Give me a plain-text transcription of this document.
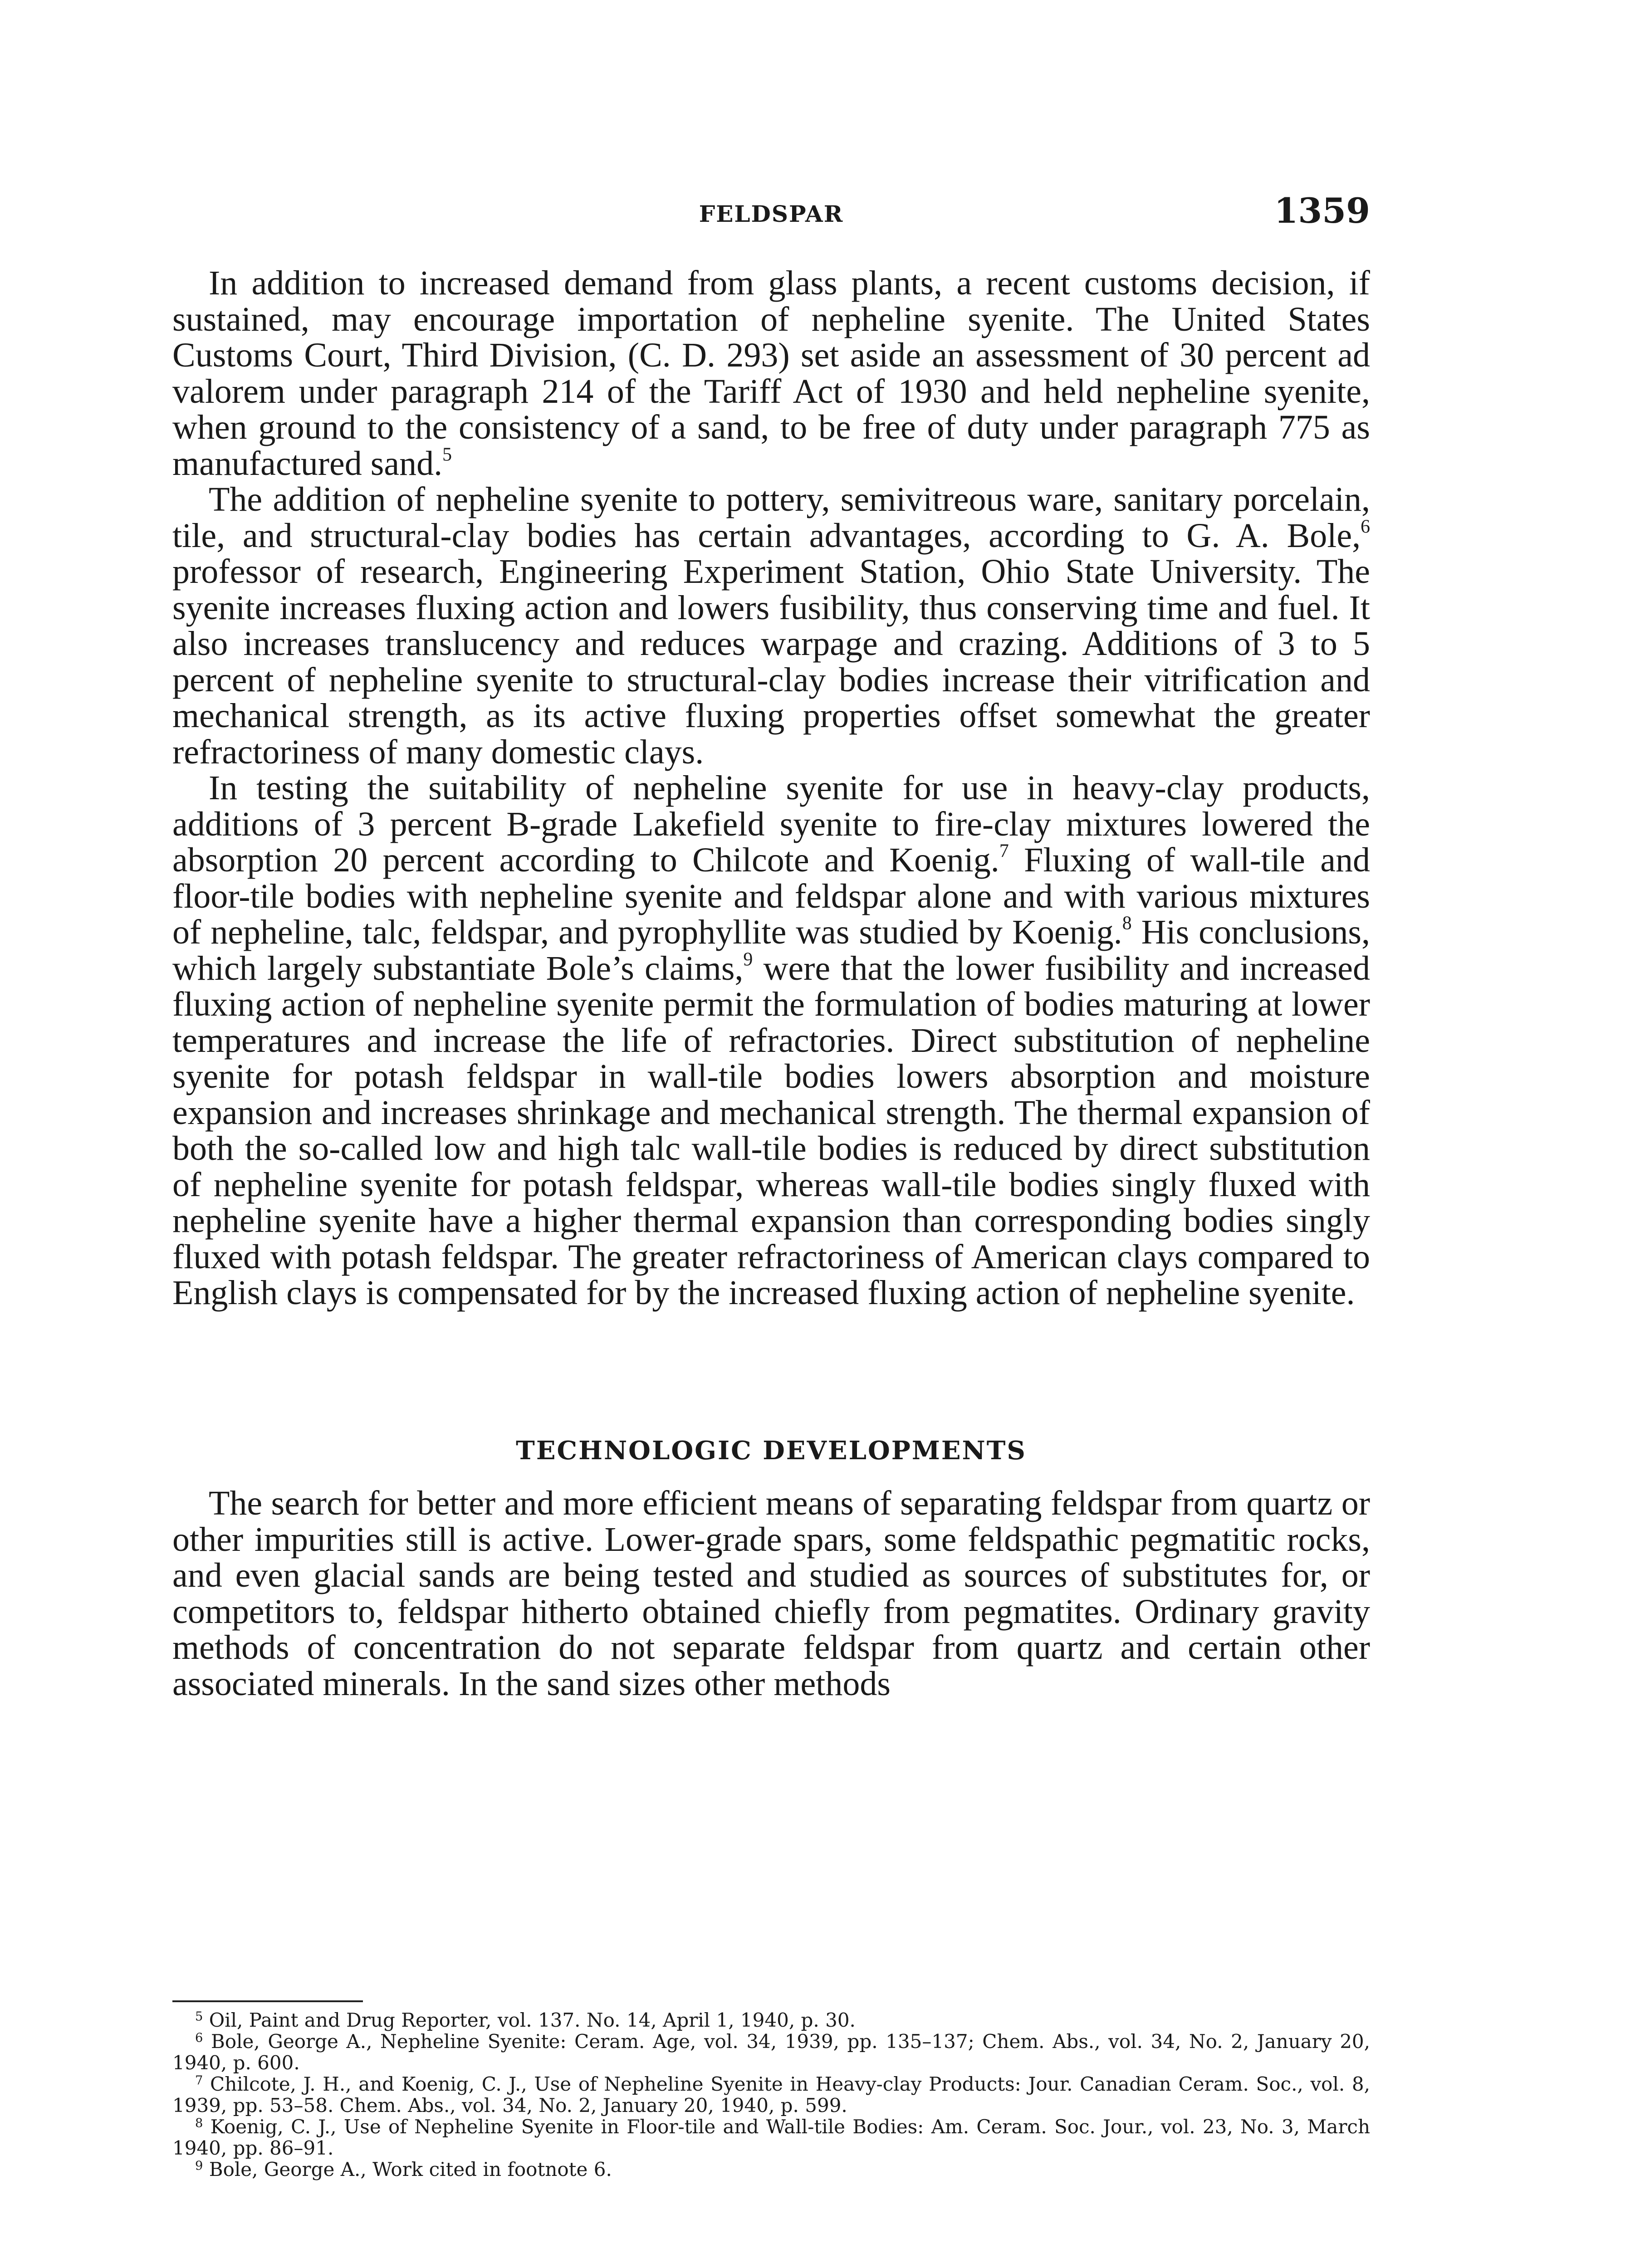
FELDSPAR	1359

In addition to increased demand from glass plants, a recent customs decision, if sustained, may encourage importation of nepheline syenite. The United States Customs Court, Third Division, (C. D. 293) set aside an assessment of 30 percent ad valorem under paragraph 214 of the Tariff Act of 1930 and held nepheline syenite, when ground to the consistency of a sand, to be free of duty under paragraph 775 as manufactured sand.$^5$

The addition of nepheline syenite to pottery, semivitreous ware, sanitary porcelain, tile, and structural-clay bodies has certain advantages, according to G. A. Bole,$^6$ professor of research, Engineering Experiment Station, Ohio State University. The syenite increases fluxing action and lowers fusibility, thus conserving time and fuel. It also increases translucency and reduces warpage and crazing. Additions of 3 to 5 percent of nepheline syenite to structural-clay bodies increase their vitrification and mechanical strength, as its active fluxing properties offset somewhat the greater refractoriness of many domestic clays.

In testing the suitability of nepheline syenite for use in heavy-clay products, additions of 3 percent B-grade Lakefield syenite to fire-clay mixtures lowered the absorption 20 percent according to Chilcote and Koenig.$^7$ Fluxing of wall-tile and floor-tile bodies with nepheline syenite and feldspar alone and with various mixtures of nepheline, talc, feldspar, and pyrophyllite was studied by Koenig.$^8$ His conclusions, which largely substantiate Bole’s claims,$^9$ were that the lower fusibility and increased fluxing action of nepheline syenite permit the formulation of bodies maturing at lower temperatures and increase the life of refractories. Direct substitution of nepheline syenite for potash feldspar in wall-tile bodies lowers absorption and moisture expansion and increases shrinkage and mechanical strength. The thermal expansion of both the so-called low and high talc wall-tile bodies is reduced by direct substitution of nepheline syenite for potash feldspar, whereas wall-tile bodies singly fluxed with nepheline syenite have a higher thermal expansion than corresponding bodies singly fluxed with potash feldspar. The greater refractoriness of American clays compared to English clays is compensated for by the increased fluxing action of nepheline syenite.

TECHNOLOGIC DEVELOPMENTS

The search for better and more efficient means of separating feldspar from quartz or other impurities still is active. Lower-grade spars, some feldspathic pegmatitic rocks, and even glacial sands are being tested and studied as sources of substitutes for, or competitors to, feldspar hitherto obtained chiefly from pegmatites. Ordinary gravity methods of concentration do not separate feldspar from quartz and certain other associated minerals. In the sand sizes other methods

$^5$ Oil, Paint and Drug Reporter, vol. 137. No. 14, April 1, 1940, p. 30.

$^6$ Bole, George A., Nepheline Syenite: Ceram. Age, vol. 34, 1939, pp. 135–137; Chem. Abs., vol. 34, No. 2, January 20, 1940, p. 600.

$^7$ Chilcote, J. H., and Koenig, C. J., Use of Nepheline Syenite in Heavy-clay Products: Jour. Canadian Ceram. Soc., vol. 8, 1939, pp. 53–58. Chem. Abs., vol. 34, No. 2, January 20, 1940, p. 599.

$^8$ Koenig, C. J., Use of Nepheline Syenite in Floor-tile and Wall-tile Bodies: Am. Ceram. Soc. Jour., vol. 23, No. 3, March 1940, pp. 86–91.

$^9$ Bole, George A., Work cited in footnote 6.
